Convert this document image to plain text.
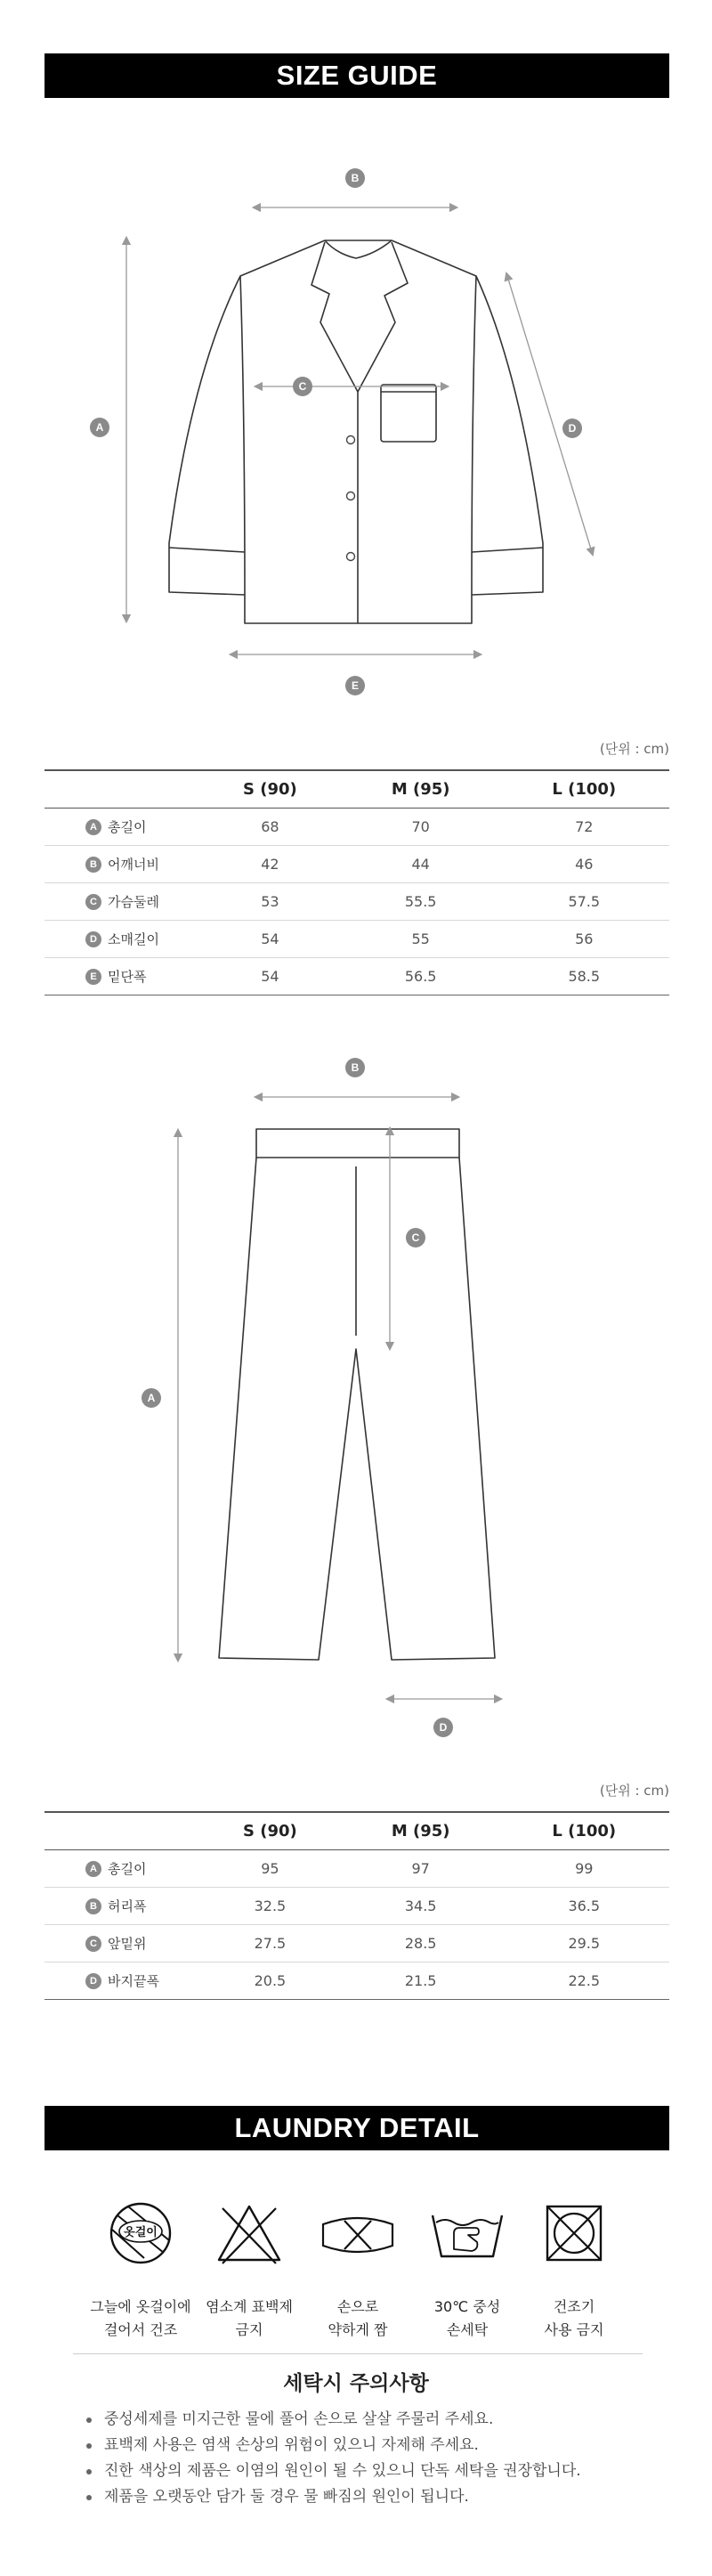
SIZE GUIDE
A
B
C
D
E
(단위 : cm)
	S (90)	M (95)	L (100)
A 총길이	68	70	72
B 어깨너비	42	44	46
C 가슴둘레	53	55.5	57.5
D 소매길이	54	55	56
E 밑단폭	54	56.5	58.5
A
B
C
D
(단위 : cm)
	S (90)	M (95)	L (100)
A 총길이	95	97	99
B 허리폭	32.5	34.5	36.5
C 앞밑위	27.5	28.5	29.5
D 바지끝폭	20.5	21.5	22.5
LAUNDRY DETAIL
옷걸이
그늘에 옷걸이에
걸어서 건조
염소계 표백제
금지
손으로
약하게 짬
30℃ 중성
손세탁
건조기
사용 금지
세탁시 주의사항
중성세제를 미지근한 물에 풀어 손으로 살살 주물러 주세요.
표백제 사용은 염색 손상의 위험이 있으니 자제해 주세요.
진한 색상의 제품은 이염의 원인이 될 수 있으니 단독 세탁을 권장합니다.
제품을 오랫동안 담가 둘 경우 물 빠짐의 원인이 됩니다.
